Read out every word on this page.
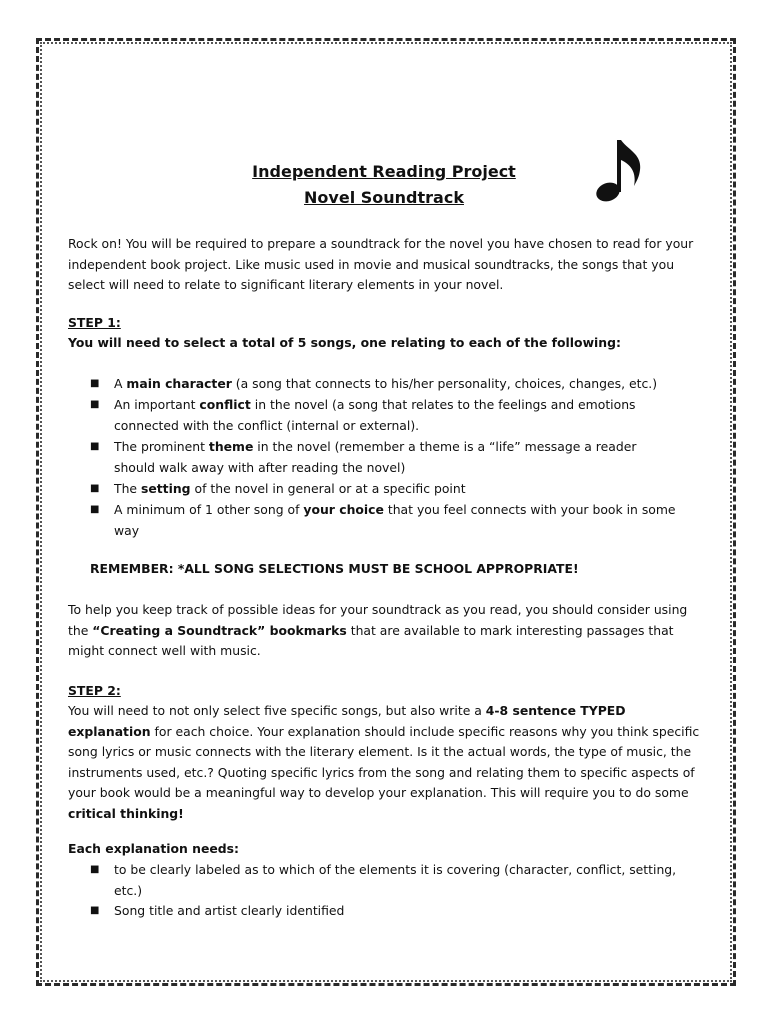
Independent Reading Project
Novel Soundtrack
Rock on! You will be required to prepare a soundtrack for the novel you have chosen to read for your independent book project. Like music used in movie and musical soundtracks, the songs that you select will need to relate to significant literary elements in your novel.
STEP 1:
You will need to select a total of 5 songs, one relating to each of the following:
■ A main character (a song that connects to his/her personality, choices, changes, etc.)
■ An important conflict in the novel (a song that relates to the feelings and emotions connected with the conflict (internal or external).
■ The prominent theme in the novel (remember a theme is a “life” message a reader should walk away with after reading the novel)
■ The setting of the novel in general or at a specific point
■ A minimum of 1 other song of your choice that you feel connects with your book in some way
REMEMBER: *ALL SONG SELECTIONS MUST BE SCHOOL APPROPRIATE!
To help you keep track of possible ideas for your soundtrack as you read, you should consider using the “Creating a Soundtrack” bookmarks that are available to mark interesting passages that might connect well with music.
STEP 2:
You will need to not only select five specific songs, but also write a 4-8 sentence TYPED explanation for each choice. Your explanation should include specific reasons why you think specific song lyrics or music connects with the literary element. Is it the actual words, the type of music, the instruments used, etc.? Quoting specific lyrics from the song and relating them to specific aspects of your book would be a meaningful way to develop your explanation. This will require you to do some critical thinking!
Each explanation needs:
■ to be clearly labeled as to which of the elements it is covering (character, conflict, setting, etc.)
■ Song title and artist clearly identified
